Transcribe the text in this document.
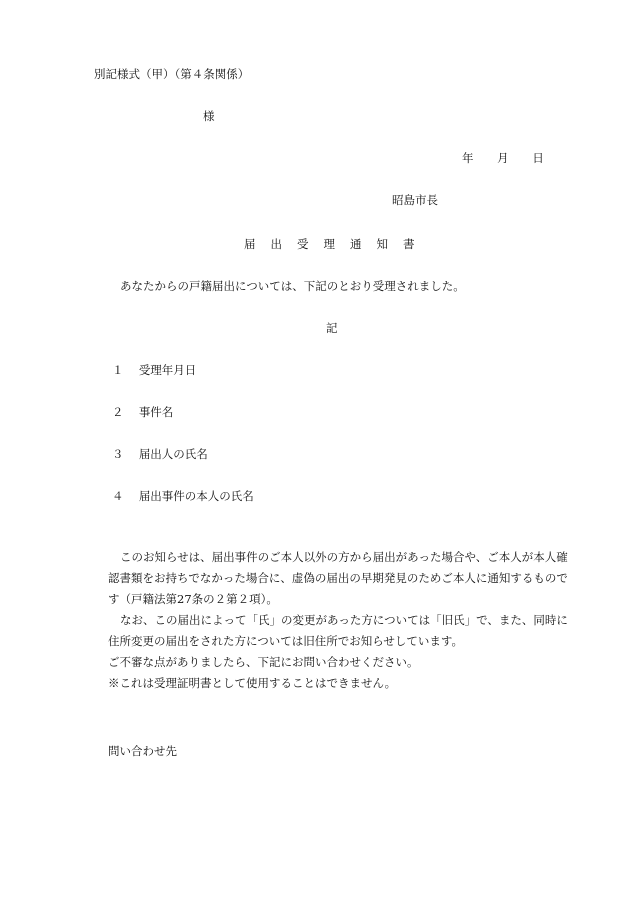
別記様式（甲）（第４条関係）
様
年 月 日
昭島市長
届出受理通知書
あなたからの戸籍届出については、下記のとおり受理されました。
記
１ 受理年月日
２ 事件名
３ 届出人の氏名
４ 届出事件の本人の氏名

このお知らせは、届出事件のご本人以外の方から届出があった場合や、ご本人が本人確認書類をお持ちでなかった場合に、虚偽の届出の早期発見のためご本人に通知するものです（戸籍法第27条の２第２項）。

なお、この届出によって「氏」の変更があった方については「旧氏」で、また、同時に住所変更の届出をされた方については旧住所でお知らせしています。

ご不審な点がありましたら、下記にお問い合わせください。

※これは受理証明書として使用することはできません。

問い合わせ先
